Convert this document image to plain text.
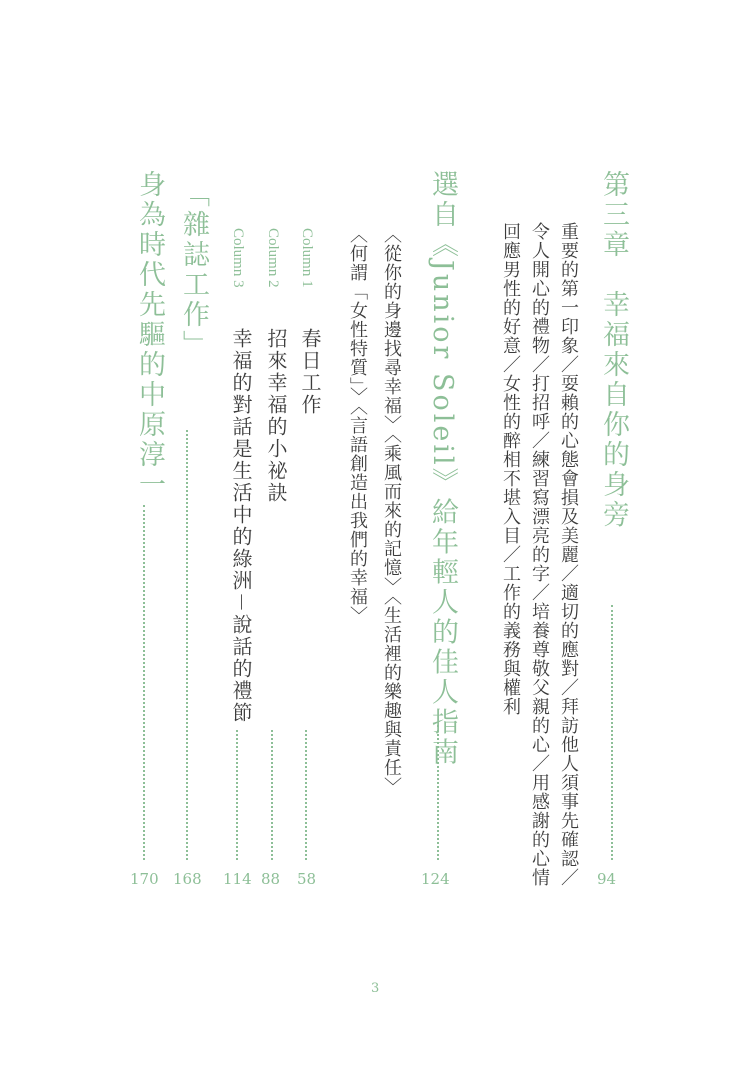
第三章　幸福來自你的身旁
94
重要的第一印象／耍賴的心態會損及美麗／適切的應對／拜訪他人須事先確認／
令人開心的禮物／打招呼／練習寫漂亮的字／培養尊敬父親的心／用感謝的心情
回應男性的好意／女性的醉相不堪入目／工作的義務與權利
選自《Junior Soleil》給年輕人的佳人指南
124
〈從你的身邊找尋幸福〉〈乘風而來的記憶〉〈生活裡的樂趣與責任〉
〈何謂「女性特質」〉〈言語創造出我們的幸福〉
Column 1
春日工作
58
Column 2
招來幸福的小祕訣
88
Column 3
幸福的對話是生活中的綠洲－說話的禮節
114
「雜誌工作」
168
身為時代先驅的中原淳一
170
3
